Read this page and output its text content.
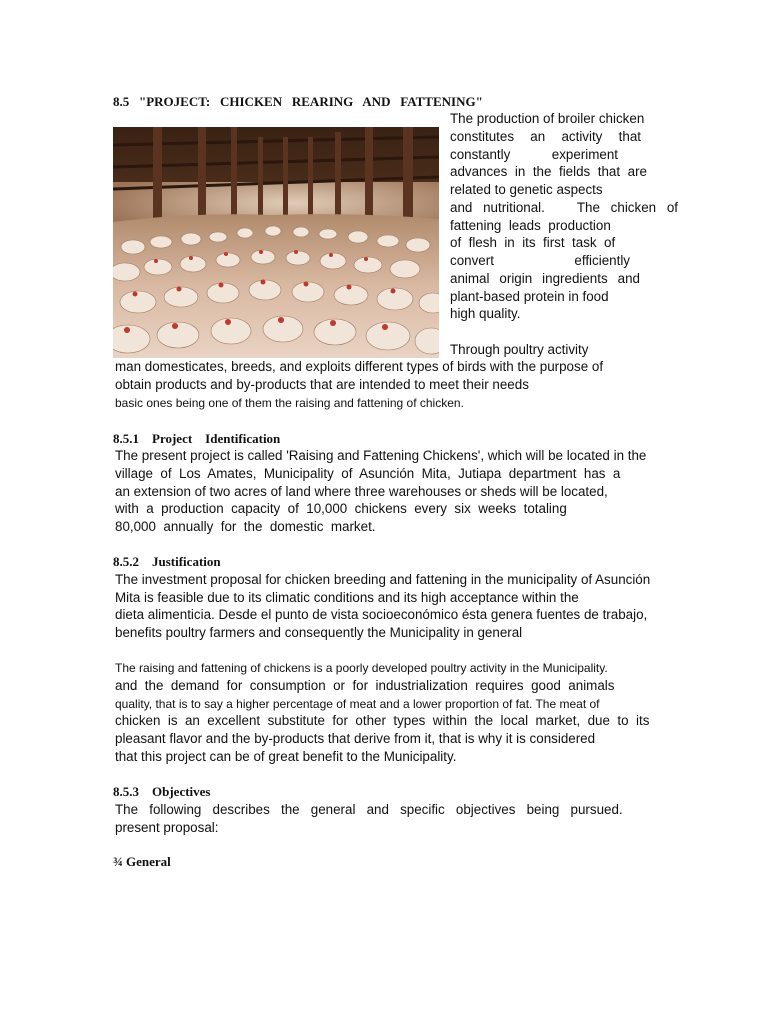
8.5   "PROJECT:   CHICKEN   REARING   AND   FATTENING"
The production of broiler chicken
constitutes   an   activity   that
constantly          experiment
advances  in  the  fields  that  are
related to genetic aspects
and  nutritional.      The  chicken  of
fattening  leads  production
of  flesh  in  its  first  task  of
convert                   efficiently
animal  origin  ingredients  and
plant-based protein in food
high quality.
Through poultry activity
man domesticates, breeds, and exploits different types of birds with the purpose of
obtain products and by-products that are intended to meet their needs
basic ones being one of them the raising and fattening of chicken.
8.5.1    Project    Identification
The present project is called 'Raising and Fattening Chickens', which will be located in the
village  of  Los  Amates,  Municipality  of  Asunción  Mita,  Jutiapa  department  has  a
an extension of two acres of land where three warehouses or sheds will be located,
with  a  production  capacity  of  10,000  chickens  every  six  weeks  totaling
80,000  annually  for  the  domestic  market.
8.5.2    Justification
The investment proposal for chicken breeding and fattening in the municipality of Asunción
Mita is feasible due to its climatic conditions and its high acceptance within the
dieta alimenticia. Desde el punto de vista socioeconómico ésta genera fuentes de trabajo,
benefits poultry farmers and consequently the Municipality in general
The raising and fattening of chickens is a poorly developed poultry activity in the Municipality.
and  the  demand  for  consumption  or  for  industrialization  requires  good  animals
quality, that is to say a higher percentage of meat and a lower proportion of fat. The meat of
chicken  is  an  excellent  substitute  for  other  types  within  the  local  market,  due  to  its
pleasant flavor and the by-products that derive from it, that is why it is considered
that this project can be of great benefit to the Municipality.
8.5.3    Objectives
The   following   describes   the   general   and   specific   objectives   being   pursued.
present proposal:
¾ General
